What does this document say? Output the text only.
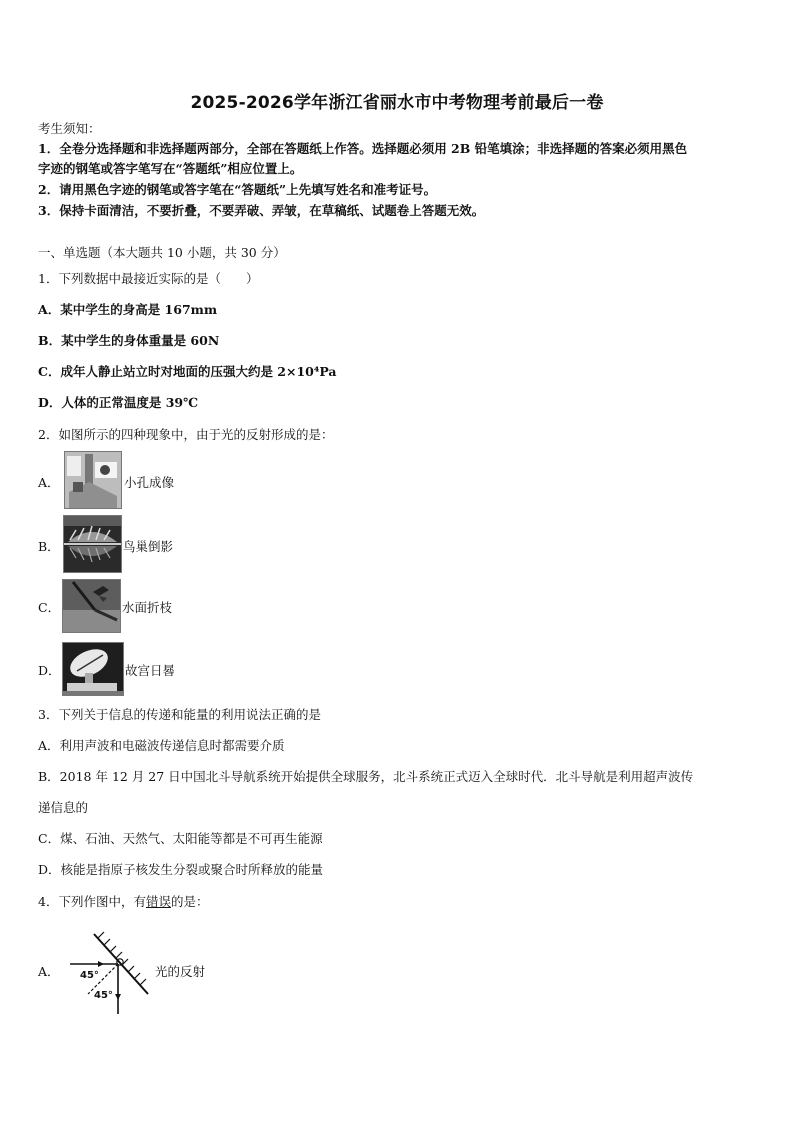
2025-2026学年浙江省丽水市中考物理考前最后一卷
考生须知：
1．全卷分选择题和非选择题两部分，全部在答题纸上作答。选择题必须用 2B 铅笔填涂；非选择题的答案必须用黑色
字迹的钢笔或答字笔写在“答题纸”相应位置上。
2．请用黑色字迹的钢笔或答字笔在“答题纸”上先填写姓名和准考证号。
3．保持卡面清洁，不要折叠，不要弄破、弄皱，在草稿纸、试题卷上答题无效。
一、单选题（本大题共 10 小题，共 30 分）
1．下列数据中最接近实际的是（　　）
A．某中学生的身高是 167mm
B．某中学生的身体重量是 60N
C．成年人静止站立时对地面的压强大约是 2×10⁴Pa
D．人体的正常温度是 39℃
2．如图所示的四种现象中，由于光的反射形成的是：
A．	小孔成像
B．	鸟巢倒影
C．	水面折枝
D．	故宫日晷
3．下列关于信息的传递和能量的利用说法正确的是
A．利用声波和电磁波传递信息时都需要介质
B．2018 年 12 月 27 日中国北斗导航系统开始提供全球服务，北斗系统正式迈入全球时代．北斗导航是利用超声波传
递信息的
C．煤、石油、天然气、太阳能等都是不可再生能源
D．核能是指原子核发生分裂或聚合时所释放的能量
4．下列作图中，有错误的是：
A． 45°
45°
光的反射
